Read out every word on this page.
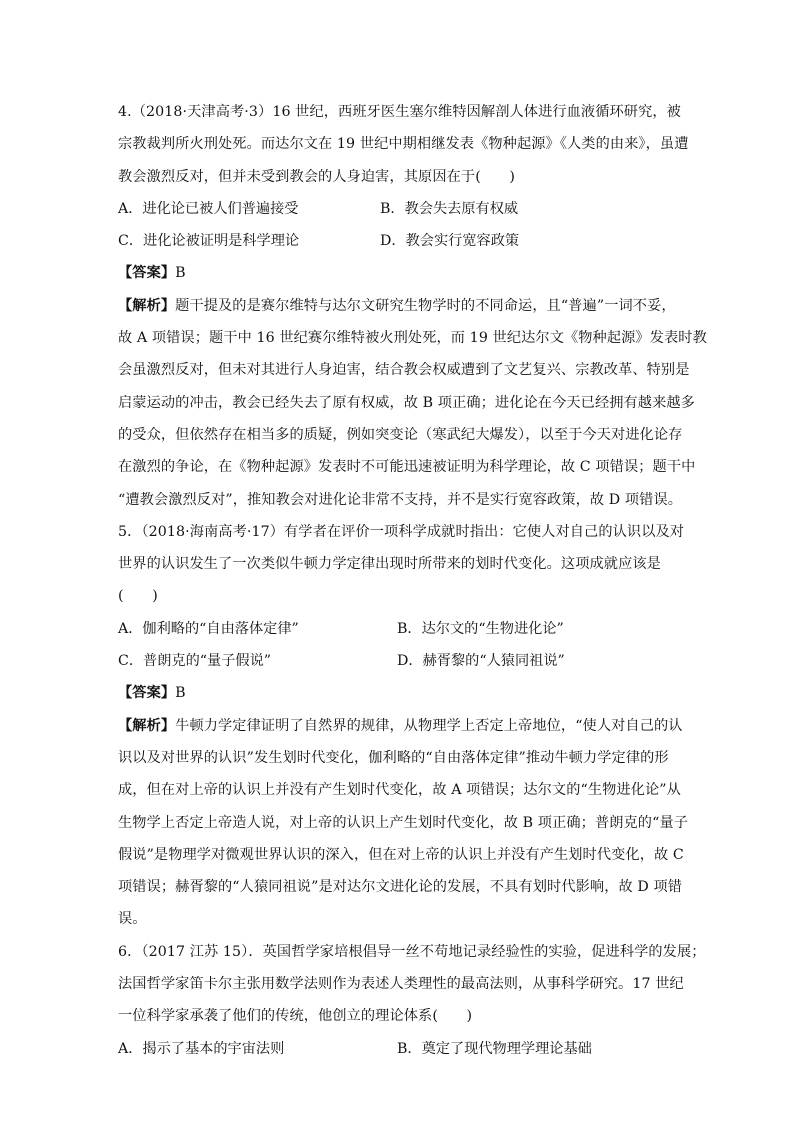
4.（2018·天津高考·3）16 世纪，西班牙医生塞尔维特因解剖人体进行血液循环研究，被
宗教裁判所火刑处死。而达尔文在 19 世纪中期相继发表《物种起源》《人类的由来》，虽遭
教会激烈反对，但并未受到教会的人身迫害，其原因在于(　　)
A．进化论已被人们普遍接受	B．教会失去原有权威
C．进化论被证明是科学理论	D．教会实行宽容政策
【答案】B
【解析】题干提及的是赛尔维特与达尔文研究生物学时的不同命运，且“普遍”一词不妥，
故 A 项错误；题干中 16 世纪赛尔维特被火刑处死，而 19 世纪达尔文《物种起源》发表时教
会虽激烈反对，但未对其进行人身迫害，结合教会权威遭到了文艺复兴、宗教改革、特别是
启蒙运动的冲击，教会已经失去了原有权威，故 B 项正确；进化论在今天已经拥有越来越多
的受众，但依然存在相当多的质疑，例如突变论（寒武纪大爆发），以至于今天对进化论存
在激烈的争论，在《物种起源》发表时不可能迅速被证明为科学理论，故 C 项错误；题干中
“遭教会激烈反对”，推知教会对进化论非常不支持，并不是实行宽容政策，故 D 项错误。
5．（2018·海南高考·17）有学者在评价一项科学成就时指出：它使人对自己的认识以及对
世界的认识发生了一次类似牛顿力学定律出现时所带来的划时代变化。这项成就应该是
(　　)
A．伽利略的“自由落体定律”	B．达尔文的“生物进化论”
C．普朗克的“量子假说”	D．赫胥黎的“人猿同祖说”
【答案】B
【解析】牛顿力学定律证明了自然界的规律，从物理学上否定上帝地位，“使人对自己的认
识以及对世界的认识”发生划时代变化，伽利略的“自由落体定律”推动牛顿力学定律的形
成，但在对上帝的认识上并没有产生划时代变化，故 A 项错误；达尔文的“生物进化论”从
生物学上否定上帝造人说，对上帝的认识上产生划时代变化，故 B 项正确；普朗克的“量子
假说”是物理学对微观世界认识的深入，但在对上帝的认识上并没有产生划时代变化，故 C
项错误；赫胥黎的“人猿同祖说”是对达尔文进化论的发展，不具有划时代影响，故 D 项错
误。
6．（2017 江苏 15）．英国哲学家培根倡导一丝不苟地记录经验性的实验，促进科学的发展；
法国哲学家笛卡尔主张用数学法则作为表述人类理性的最高法则，从事科学研究。17 世纪
一位科学家承袭了他们的传统，他创立的理论体系(　　)
A．揭示了基本的宇宙法则	B．奠定了现代物理学理论基础
